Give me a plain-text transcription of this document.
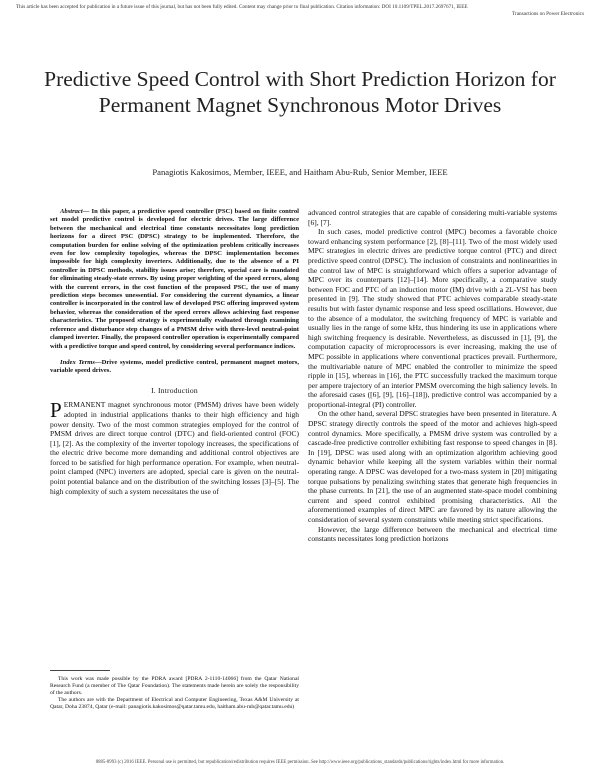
This article has been accepted for publication in a future issue of this journal, but has not been fully edited. Content may change prior to final publication. Citation information: DOI 10.1109/TPEL.2017.2697671, IEEE
Transactions on Power Electronics
Predictive Speed Control with Short Prediction Horizon for Permanent Magnet Synchronous Motor Drives
Panagiotis Kakosimos, Member, IEEE, and Haitham Abu-Rub, Senior Member, IEEE

Abstract— In this paper, a predictive speed controller (PSC) based on finite control set model predictive control is developed for electric drives. The large difference between the mechanical and electrical time constants necessitates long prediction horizons for a direct PSC (DPSC) strategy to be implemented. Therefore, the computation burden for online solving of the optimization problem critically increases even for low complexity topologies, whereas the DPSC implementation becomes impossible for high complexity inverters. Additionally, due to the absence of a PI controller in DPSC methods, stability issues arise; therefore, special care is mandated for eliminating steady-state errors. By using proper weighting of the speed errors, along with the current errors, in the cost function of the proposed PSC, the use of many prediction steps becomes unessential. For considering the current dynamics, a linear controller is incorporated in the control law of developed PSC offering improved system behavior, whereas the consideration of the speed errors allows achieving fast response characteristics. The proposed strategy is experimentally evaluated through examining reference and disturbance step changes of a PMSM drive with three-level neutral-point clamped inverter. Finally, the proposed controller operation is experimentally compared with a predictive torque and speed control, by considering several performance indices.

Index Terms—Drive systems, model predictive control, permanent magnet motors, variable speed drives.

I. Introduction

PERMANENT magnet synchronous motor (PMSM) drives have been widely adopted in industrial applications thanks to their high efficiency and high power density. Two of the most common strategies employed for the control of PMSM drives are direct torque control (DTC) and field-oriented control (FOC) [1], [2]. As the complexity of the inverter topology increases, the specifications of the electric drive become more demanding and additional control objectives are forced to be satisfied for high performance operation. For example, when neutral-point clamped (NPC) inverters are adopted, special care is given on the neutral-point potential balance and on the distribution of the switching losses [3]–[5]. The high complexity of such a system necessitates the use of

This work was made possible by the PDRA award [PDRA 2-1110-14066] from the Qatar National Research Fund (a member of The Qatar Foundation). The statements made herein are solely the responsibility of the authors.

The authors are with the Department of Electrical and Computer Engineering, Texas A&M University at Qatar, Doha 23874, Qatar (e-mail: panagiotis.kakosimos@qatar.tamu.edu, haitham.abu-rub@qatar.tamu.edu)

advanced control strategies that are capable of considering multi-variable systems [6], [7].

In such cases, model predictive control (MPC) becomes a favorable choice toward enhancing system performance [2], [8]–[11]. Two of the most widely used MPC strategies in electric drives are predictive torque control (PTC) and direct predictive speed control (DPSC). The inclusion of constraints and nonlinearities in the control law of MPC is straightforward which offers a superior advantage of MPC over its counterparts [12]–[14]. More specifically, a comparative study between FOC and PTC of an induction motor (IM) drive with a 2L-VSI has been presented in [9]. The study showed that PTC achieves comparable steady-state results but with faster dynamic response and less speed oscillations. However, due to the absence of a modulator, the switching frequency of MPC is variable and usually lies in the range of some kHz, thus hindering its use in applications where high switching frequency is desirable. Nevertheless, as discussed in [1], [9], the computation capacity of microprocessors is ever increasing, making the use of MPC possible in applications where conventional practices prevail. Furthermore, the multivariable nature of MPC enabled the controller to minimize the speed ripple in [15], whereas in [16], the PTC successfully tracked the maximum torque per ampere trajectory of an interior PMSM overcoming the high saliency levels. In the aforesaid cases ([6], [9], [16]–[18]), predictive control was accompanied by a proportional-integral (PI) controller.

On the other hand, several DPSC strategies have been presented in literature. A DPSC strategy directly controls the speed of the motor and achieves high-speed control dynamics. More specifically, a PMSM drive system was controlled by a cascade-free predictive controller exhibiting fast response to speed changes in [8]. In [19], DPSC was used along with an optimization algorithm achieving good dynamic behavior while keeping all the system variables within their normal operating range. A DPSC was developed for a two-mass system in [20] mitigating torque pulsations by penalizing switching states that generate high frequencies in the phase currents. In [21], the use of an augmented state-space model combining current and speed control exhibited promising characteristics. All the aforementioned examples of direct MPC are favored by its nature allowing the consideration of several system constraints while meeting strict specifications.

However, the large difference between the mechanical and electrical time constants necessitates long prediction horizons

0885-8993 (c) 2016 IEEE. Personal use is permitted, but republication/redistribution requires IEEE permission. See http://www.ieee.org/publications_standards/publications/rights/index.html for more information.
